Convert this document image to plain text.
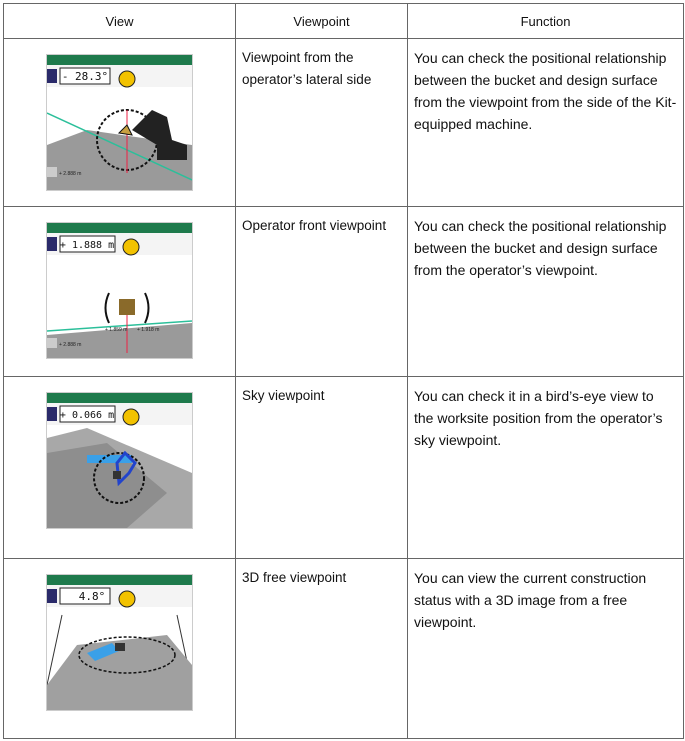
View	Viewpoint	Function

- 28.3°
+ 2.888 m	Viewpoint from the operator’s lateral side	You can check the positional relationship between the bucket and design surface from the viewpoint from the side of the Kit-equipped machine.

+ 1.888 m
+ 1.859 m + 1.918 m
+ 2.888 m	Operator front viewpoint	You can check the positional relationship between the bucket and design surface from the operator’s viewpoint.

+ 0.066 m	Sky viewpoint	You can check it in a bird’s-eye view to the worksite position from the operator’s sky viewpoint.

4.8°	3D free viewpoint	You can view the current construction status with a 3D image from a free viewpoint.
